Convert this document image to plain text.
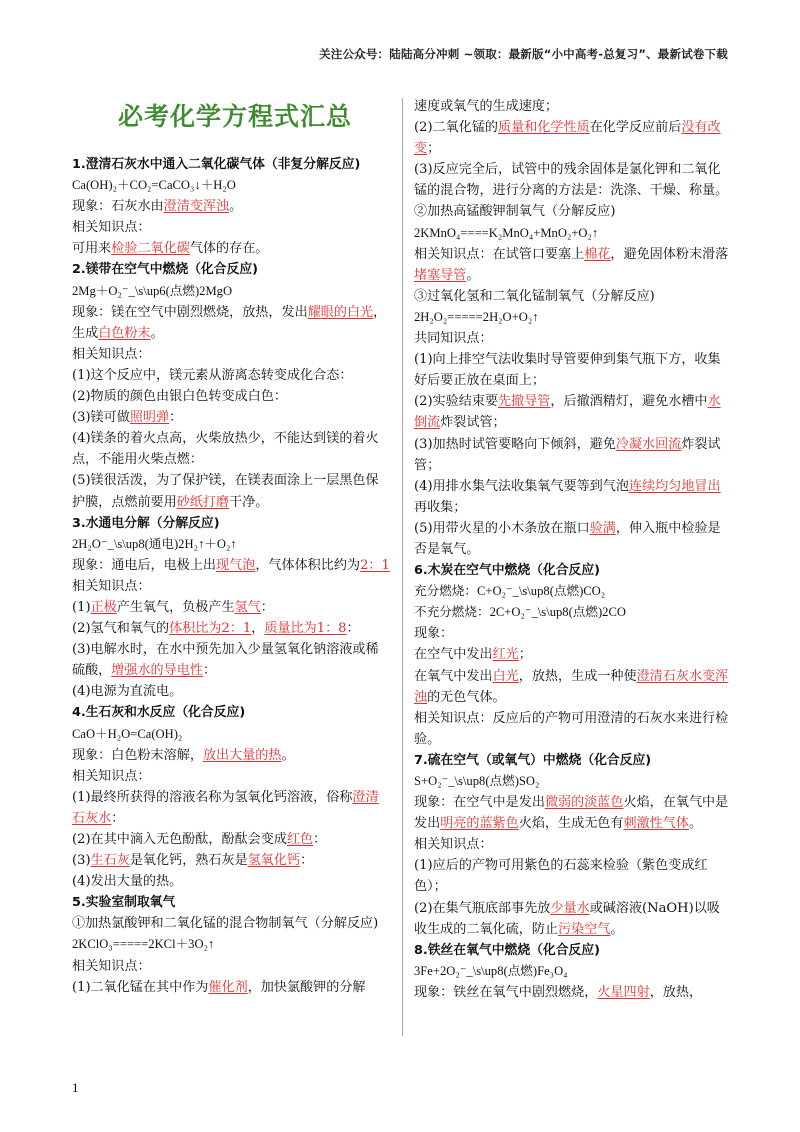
关注公众号：陆陆高分冲刺 ~领取：最新版“小中高考-总复习”、最新试卷下载
必考化学方程式汇总
1.澄清石灰水中通入二氧化碳气体（非复分解反应)
Ca(OH)₂＋CO₂=CaCO₃↓＋H₂O
现象：石灰水由澄清变浑浊。
相关知识点：
可用来检验二氧化碳气体的存在。
2.镁带在空气中燃烧（化合反应)
2Mg＋O₂⁻_\s\up6(点燃)2MgO
现象：镁在空气中剧烈燃烧，放热，发出耀眼的白光，生成白色粉末。
相关知识点：
(1)这个反应中，镁元素从游离态转变成化合态：
(2)物质的颜色由银白色转变成白色：
(3)镁可做照明弹：
(4)镁条的着火点高，火柴放热少，不能达到镁的着火点，不能用火柴点燃：
(5)镁很活泼，为了保护镁，在镁表面涂上一层黑色保护膜，点燃前要用砂纸打磨干净。
3.水通电分解（分解反应)
2H₂O⁻_\s\up8(通电)2H₂↑＋O₂↑
现象：通电后，电极上出现气泡，气体体积比约为2：1
相关知识点：
(1)正极产生氧气，负极产生氢气：
(2)氢气和氧气的体积比为2：1，质量比为1：8：
(3)电解水时，在水中预先加入少量氢氧化钠溶液或稀硫酸，增强水的导电性：
(4)电源为直流电。
4.生石灰和水反应（化合反应)
CaO＋H₂O=Ca(OH)₂
现象：白色粉末溶解，放出大量的热。
相关知识点：
(1)最终所获得的溶液名称为氢氧化钙溶液，俗称澄清石灰水：
(2)在其中滴入无色酚酞，酚酞会变成红色：
(3)生石灰是氧化钙，熟石灰是氢氧化钙：
(4)发出大量的热。
5.实验室制取氧气
①加热氯酸钾和二氧化锰的混合物制氧气（分解反应)
2KClO₃=====2KCl＋3O₂↑
相关知识点：
(1)二氧化锰在其中作为催化剂，加快氯酸钾的分解
速度或氧气的生成速度；
(2)二氧化锰的质量和化学性质在化学反应前后没有改变；
(3)反应完全后，试管中的残余固体是氯化钾和二氧化锰的混合物，进行分离的方法是：洗涤、干燥、称量。
②加热高锰酸钾制氧气（分解反应)
2KMnO₄====K₂MnO₄+MnO₂+O₂↑
相关知识点：在试管口要塞上棉花，避免固体粉末滑落堵塞导管。
③过氧化氢和二氧化锰制氧气（分解反应)
2H₂O₂=====2H₂O+O₂↑
共同知识点：
(1)向上排空气法收集时导管要伸到集气瓶下方，收集好后要正放在桌面上；
(2)实验结束要先撤导管，后撤酒精灯，避免水槽中水倒流炸裂试管；
(3)加热时试管要略向下倾斜，避免冷凝水回流炸裂试管；
(4)用排水集气法收集氧气要等到气泡连续均匀地冒出再收集；
(5)用带火星的小木条放在瓶口验满，伸入瓶中检验是否是氧气。
6.木炭在空气中燃烧（化合反应)
充分燃烧：C+O₂⁻_\s\up8(点燃)CO₂
不充分燃烧：2C+O₂⁻_\s\up8(点燃)2CO
现象：
在空气中发出红光；
在氧气中发出白光，放热，生成一种使澄清石灰水变浑浊的无色气体。
相关知识点：反应后的产物可用澄清的石灰水来进行检验。
7.硫在空气（或氧气）中燃烧（化合反应)
S+O₂⁻_\s\up8(点燃)SO₂
现象：在空气中是发出微弱的淡蓝色火焰，在氧气中是发出明亮的蓝紫色火焰，生成无色有刺激性气体。
相关知识点：
(1)应后的产物可用紫色的石蕊来检验（紫色变成红色）；
(2)在集气瓶底部事先放少量水或碱溶液(NaOH)以吸收生成的二氧化硫，防止污染空气。
8.铁丝在氧气中燃烧（化合反应)
3Fe+2O₂⁻_\s\up8(点燃)Fe₃O₄
现象：铁丝在氧气中剧烈燃烧，火星四射，放热，
1
